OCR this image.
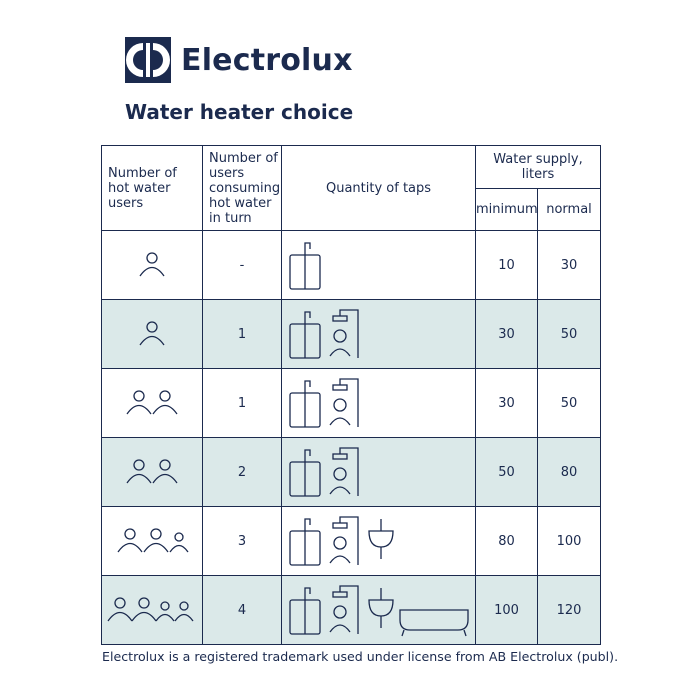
Electrolux
Water heater choice
Number of hot water users	Number of users consuming hot water in turn	Quantity of taps	Water supply, liters	
			minimum	normal

	-		10	30

	1		30	50

	1		30	50

	2		50	80

	3		80	100

	4		100	120
Electrolux is a registered trademark used under license from AB Electrolux (publ).
